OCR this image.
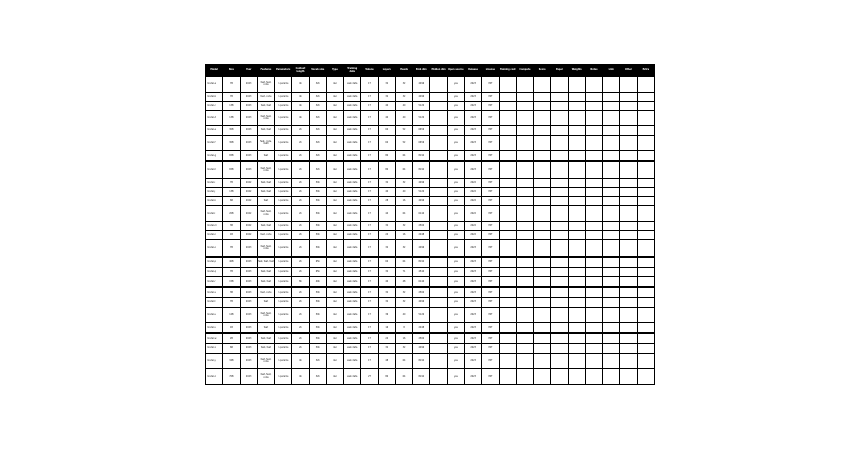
Model	Size	Year	Features	Parameters	Context length	Vocab size	Type	Training data	Tokens	Layers	Heads	Emb dim	Hidden dim	Open source	Release	License	Training cost	Compute	Score	Paper	Weights	Notes	Link	Other	Extra
model-a	7B	2023	feat, feat, code	n params	4k	32k	dec	web data	1T	32	32	4096		yes	2023	MIT									
model-b	7B	2023	feat, code	n params	4k	32k	dec	web data	1T	32	32	4096		yes	2023	MIT									
model-c	13B	2023	feat, feat	n params	4k	32k	dec	web data	1T	40	40	5120		yes	2023	MIT									
model-d	13B	2023	feat, feat, code	n params	4k	32k	dec	web data	1T	40	40	5120		yes	2023	MIT									
model-e	30B	2023	feat, feat	n params	2k	32k	dec	web data	1T	60	52	6656		yes	2023	MIT									
model-f	30B	2023	feat, code, math	n params	2k	32k	dec	web data	1T	60	52	6656		yes	2023	MIT									
model-g	65B	2023	feat	n params	2k	32k	dec	web data	1T	80	64	8192		yes	2023	MIT									
model-h	65B	2023	feat, feat, code	n params	2k	32k	dec	web data	1T	80	64	8192		yes	2023	MIT									
model-i	7B	2022	feat, feat	n params	2k	50k	dec	web data	1T	32	32	4096		yes	2022	MIT									
model-j	13B	2022	feat, feat	n params	2k	50k	dec	web data	1T	40	40	5120		yes	2022	MIT									
model-k	6B	2022	feat	n params	2k	50k	dec	web data	1T	28	16	4096		yes	2022	MIT									
model-l	20B	2022	feat, feat, code	n params	2k	50k	dec	web data	1T	44	64	6144		yes	2022	MIT									
model-m	3B	2022	feat, feat	n params	2k	50k	dec	web data	1T	32	32	2560		yes	2022	MIT									
model-n	1B	2022	feat, code	n params	2k	50k	dec	web data	1T	24	16	2048		yes	2022	MIT									
model-o	7B	2023	feat, feat, code	n params	2k	50k	dec	web data	1T	32	32	4096		yes	2023	MIT									
model-p	40B	2023	feat, feat, feat	n params	2k	65k	dec	web data	1T	60	64	8192		yes	2023	MIT									
model-q	7B	2023	feat, feat	n params	2k	65k	dec	web data	1T	32	71	4544		yes	2023	MIT									
model-r	15B	2023	feat, feat	n params	8k	49k	dec	web data	1T	40	48	6144		yes	2023	MIT									
model-s	3B	2023	feat, code	n params	2k	50k	dec	web data	1T	32	32	2560		yes	2023	MIT									
model-t	7B	2023	feat	n params	2k	50k	dec	web data	1T	32	32	4096		yes	2023	MIT									
model-u	12B	2023	feat, feat, code	n params	2k	50k	dec	web data	1T	36	40	5120		yes	2023	MIT									
model-v	1B	2023	feat	n params	2k	50k	dec	web data	1T	16	8	2048		yes	2023	MIT									
model-w	2B	2023	feat, feat	n params	2k	50k	dec	web data	1T	24	16	2560		yes	2023	MIT									
model-x	6B	2023	feat, feat	n params	2k	50k	dec	web data	1T	32	32	4096		yes	2023	MIT									
model-y	34B	2023	feat, feat, code	n params	4k	32k	dec	web data	1T	48	64	8192		yes	2023	MIT									
model-z	70B	2023	feat, feat, code	n params	4k	32k	dec	web data	2T	80	64	8192		yes	2023	MIT									
